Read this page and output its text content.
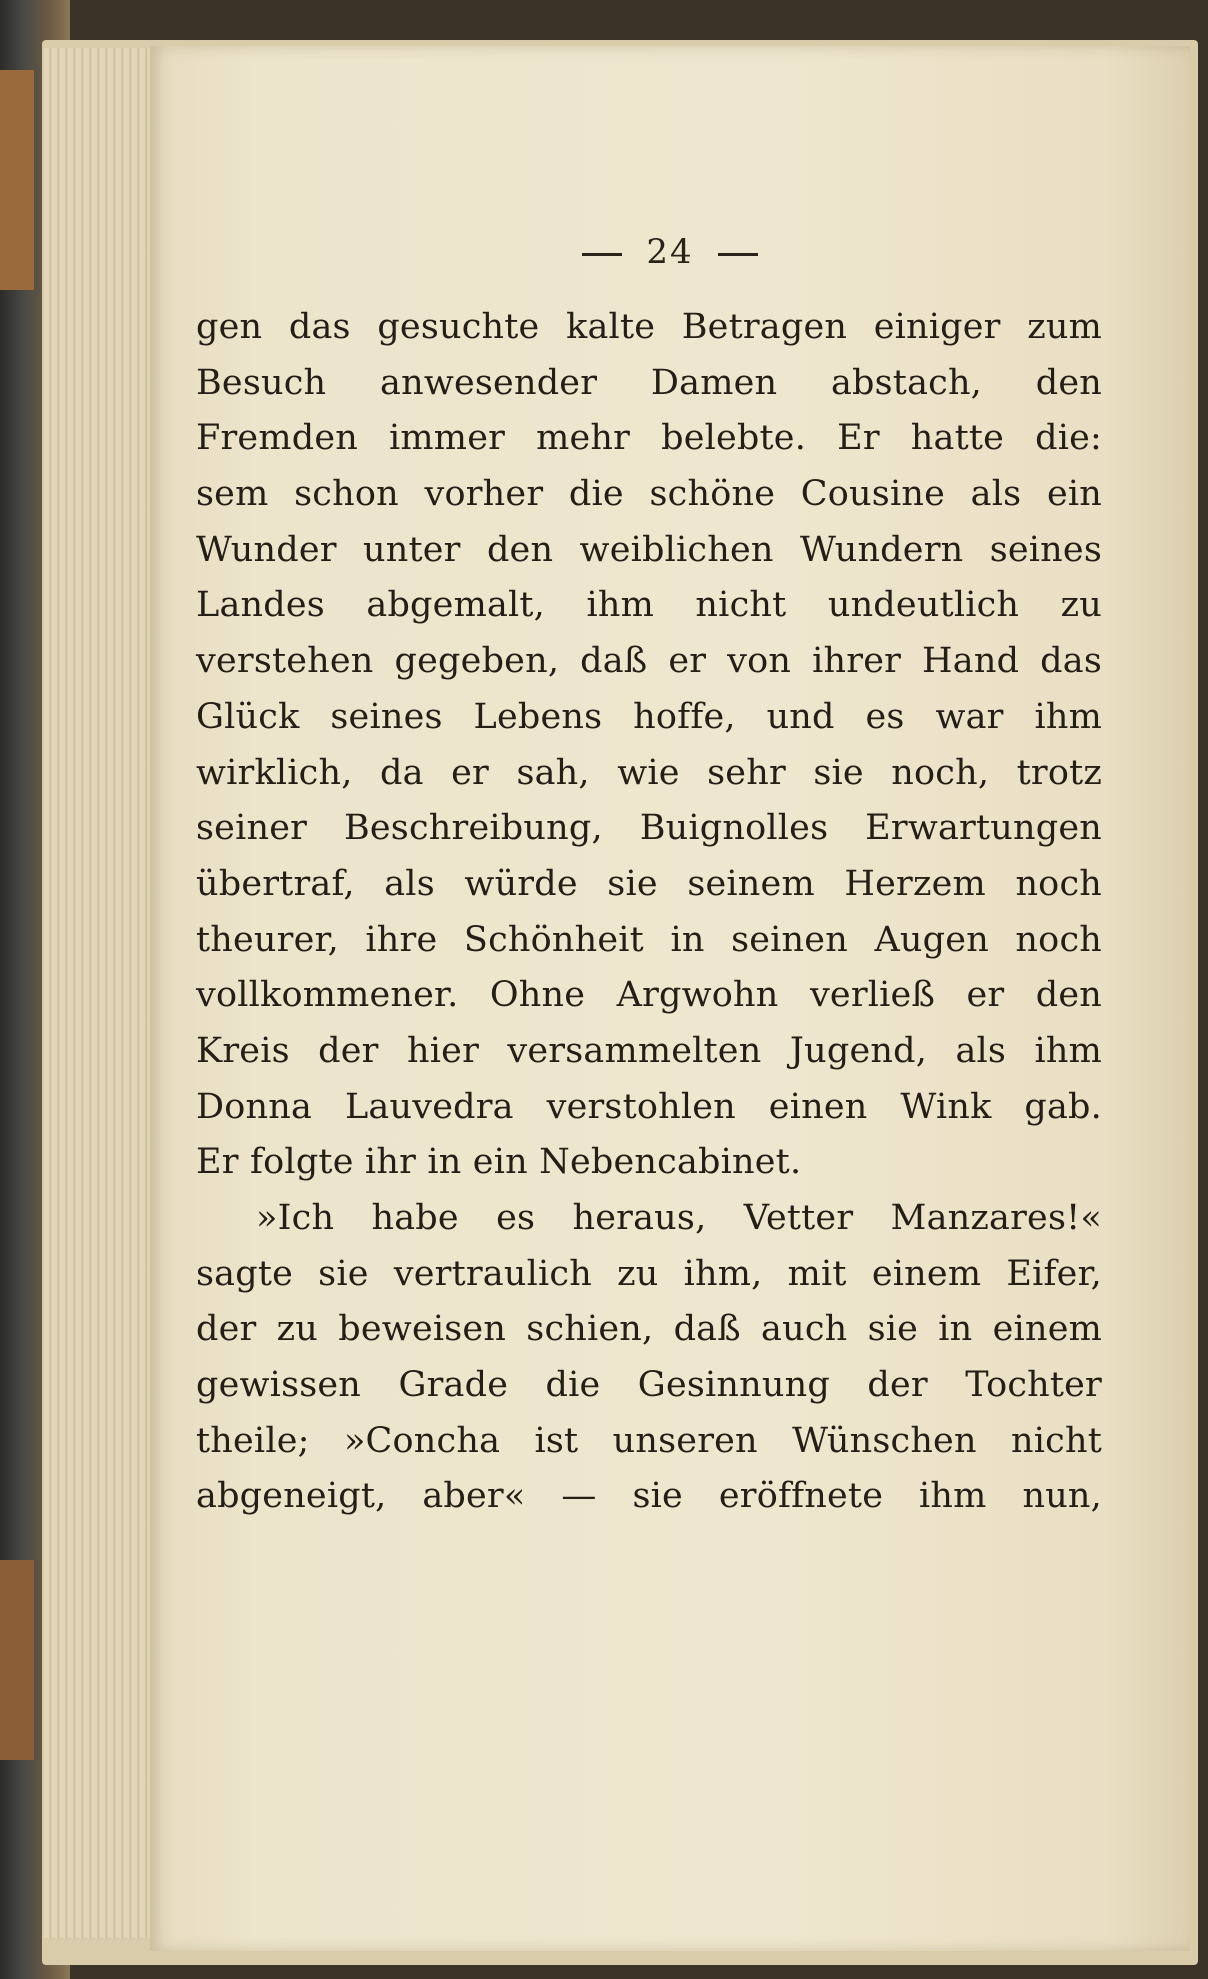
24
gen das gesuchte kalte Betragen einiger zum
Besuch anwesender Damen abstach, den
Fremden immer mehr belebte. Er hatte die:
sem schon vorher die schöne Cousine als ein
Wunder unter den weiblichen Wundern seines
Landes abgemalt, ihm nicht undeutlich zu
verstehen gegeben, daß er von ihrer Hand das
Glück seines Lebens hoffe, und es war ihm
wirklich, da er sah, wie sehr sie noch, trotz
seiner Beschreibung, Buignolles Erwartungen
übertraf, als würde sie seinem Herzem noch
theurer, ihre Schönheit in seinen Augen noch
vollkommener. Ohne Argwohn verließ er den
Kreis der hier versammelten Jugend, als ihm
Donna Lauvedra verstohlen einen Wink gab.
Er folgte ihr in ein Nebencabinet.
»Ich habe es heraus, Vetter Manzares!«
sagte sie vertraulich zu ihm, mit einem Eifer,
der zu beweisen schien, daß auch sie in einem
gewissen Grade die Gesinnung der Tochter
theile; »Concha ist unseren Wünschen nicht
abgeneigt, aber« — sie eröffnete ihm nun,
